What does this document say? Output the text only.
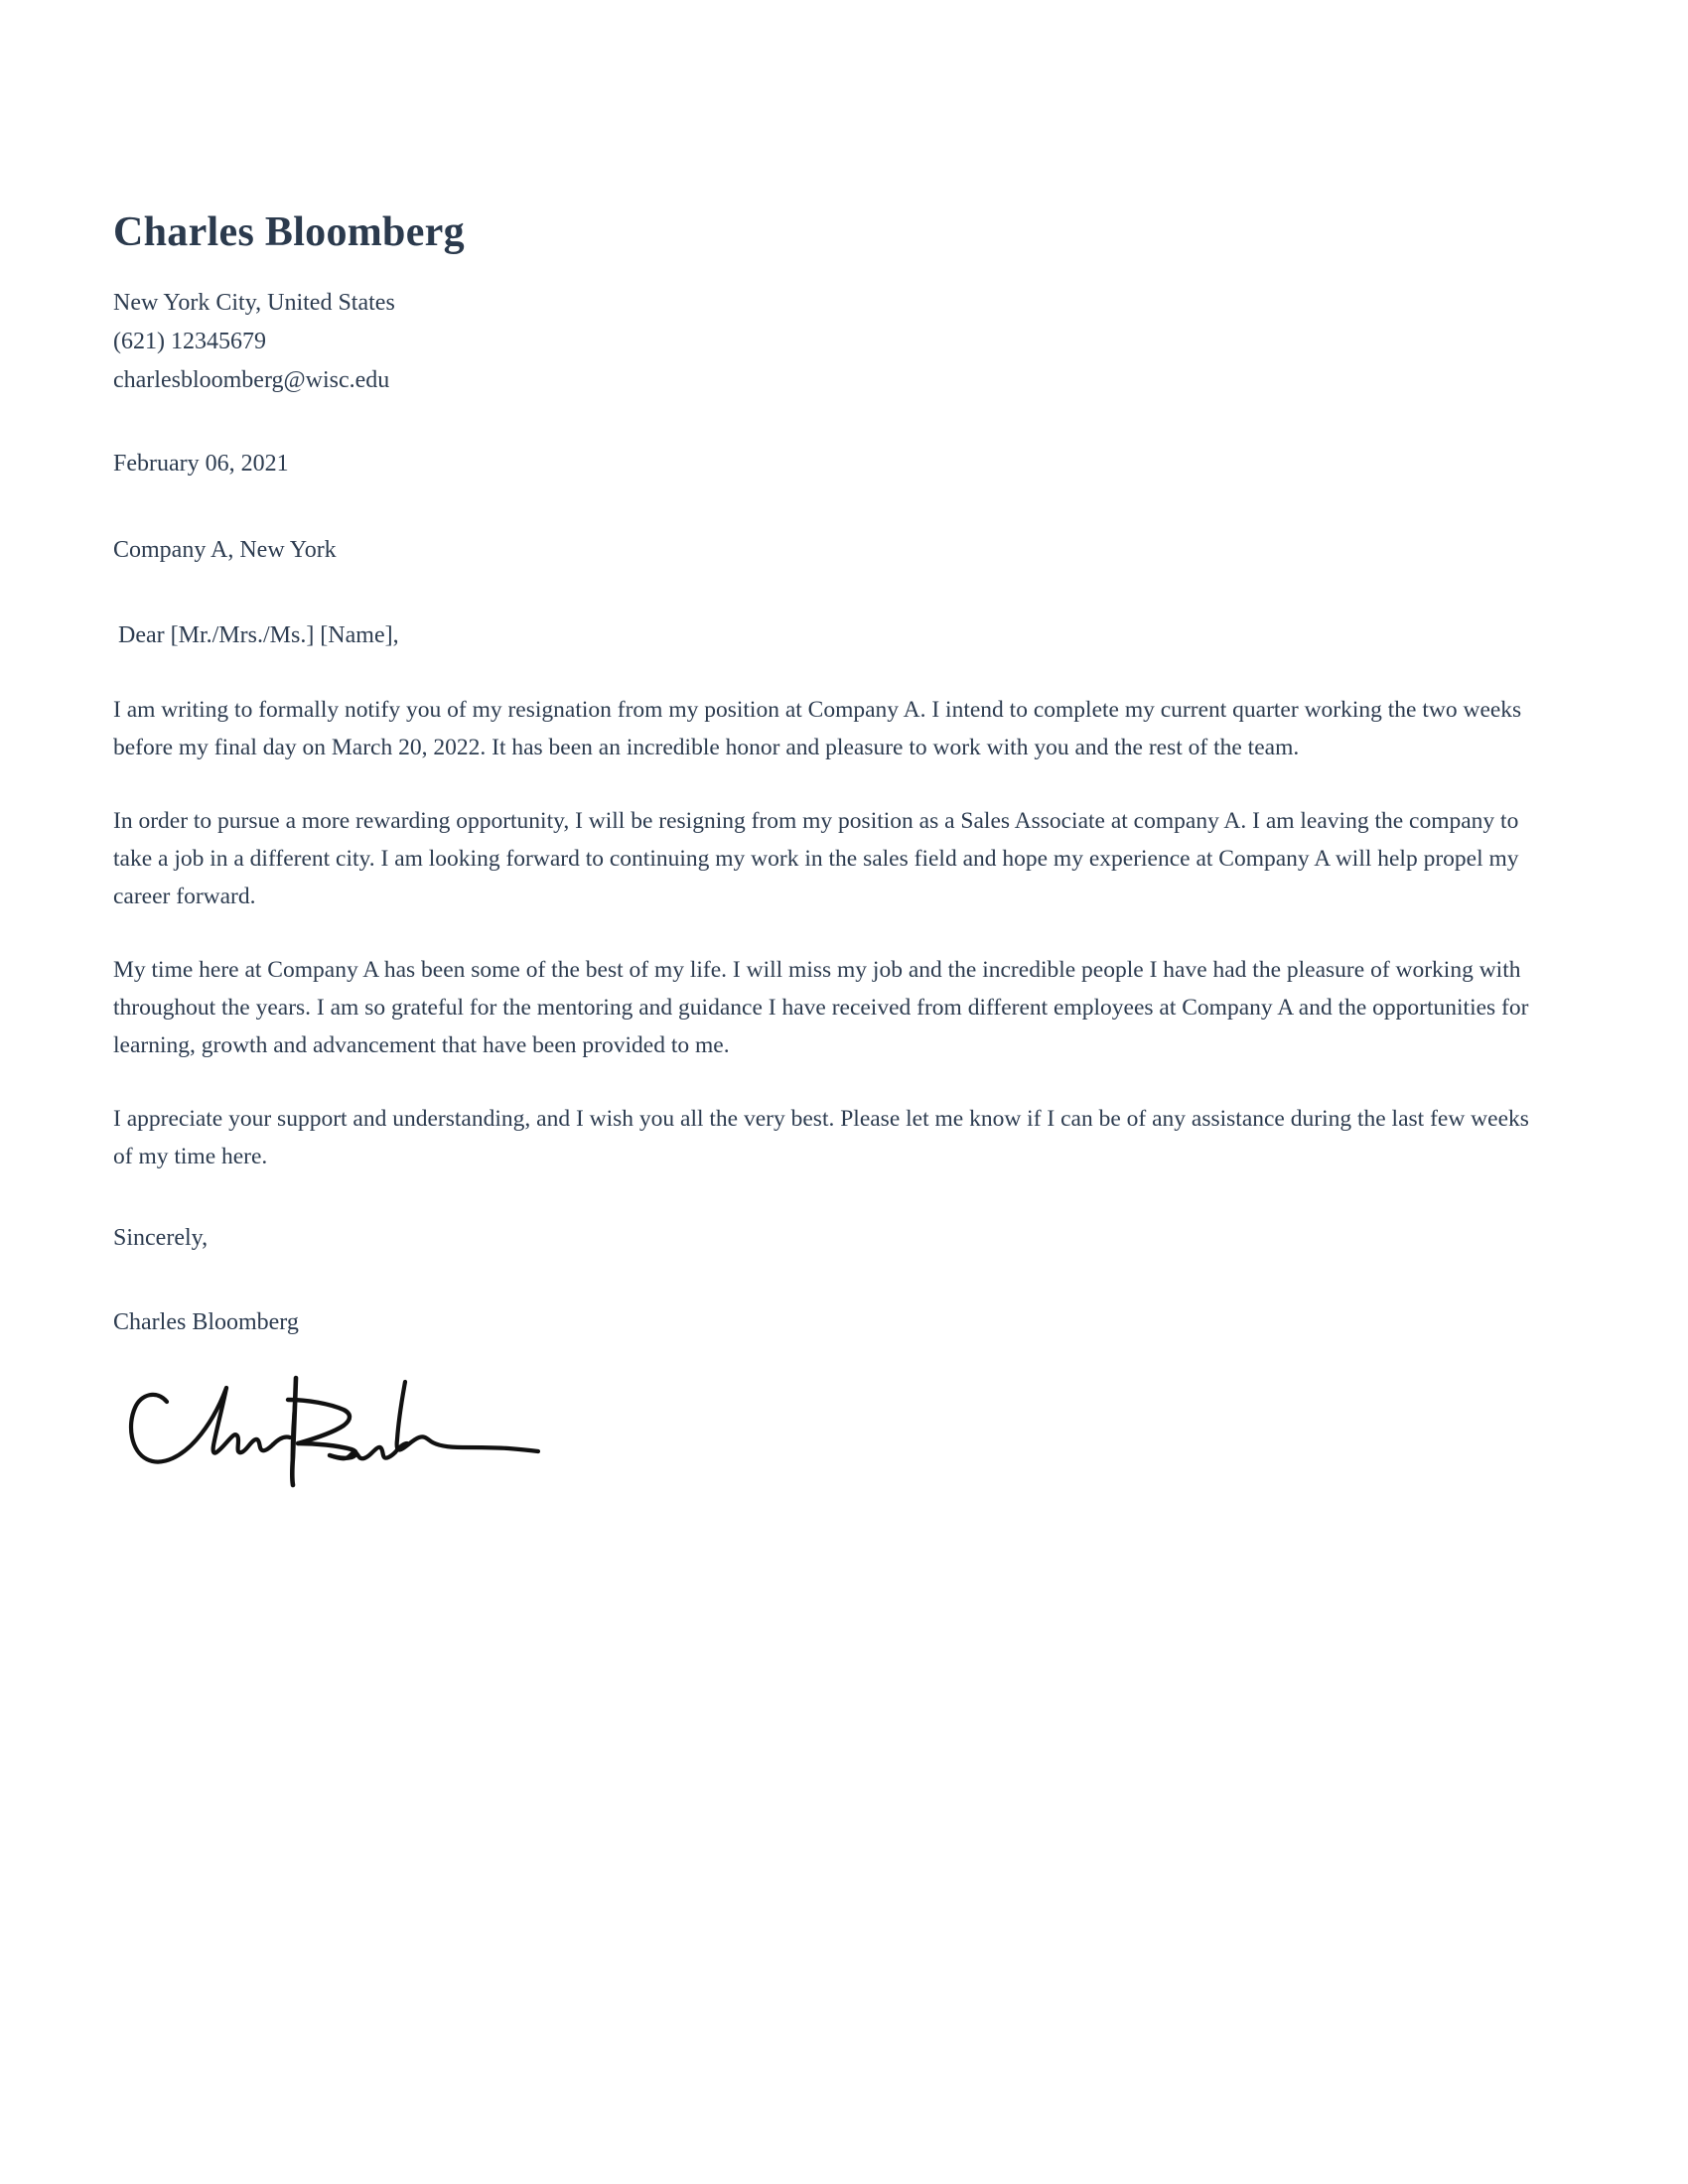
Charles Bloomberg

New York City, United States

(621) 12345679

charlesbloomberg@wisc.edu

February 06, 2021

Company A, New York

Dear [Mr./Mrs./Ms.] [Name],

I am writing to formally notify you of my resignation from my position at Company A. I intend to complete my current quarter working the two weeks before my final day on March 20, 2022. It has been an incredible honor and pleasure to work with you and the rest of the team.

In order to pursue a more rewarding opportunity, I will be resigning from my position as a Sales Associate at company A. I am leaving the company to take a job in a different city. I am looking forward to continuing my work in the sales field and hope my experience at Company A will help propel my career forward.

My time here at Company A has been some of the best of my life. I will miss my job and the incredible people I have had the pleasure of working with throughout the years. I am so grateful for the mentoring and guidance I have received from different employees at Company A and the opportunities for learning, growth and advancement that have been provided to me.

I appreciate your support and understanding, and I wish you all the very best. Please let me know if I can be of any assistance during the last few weeks of my time here.

Sincerely,

Charles Bloomberg
